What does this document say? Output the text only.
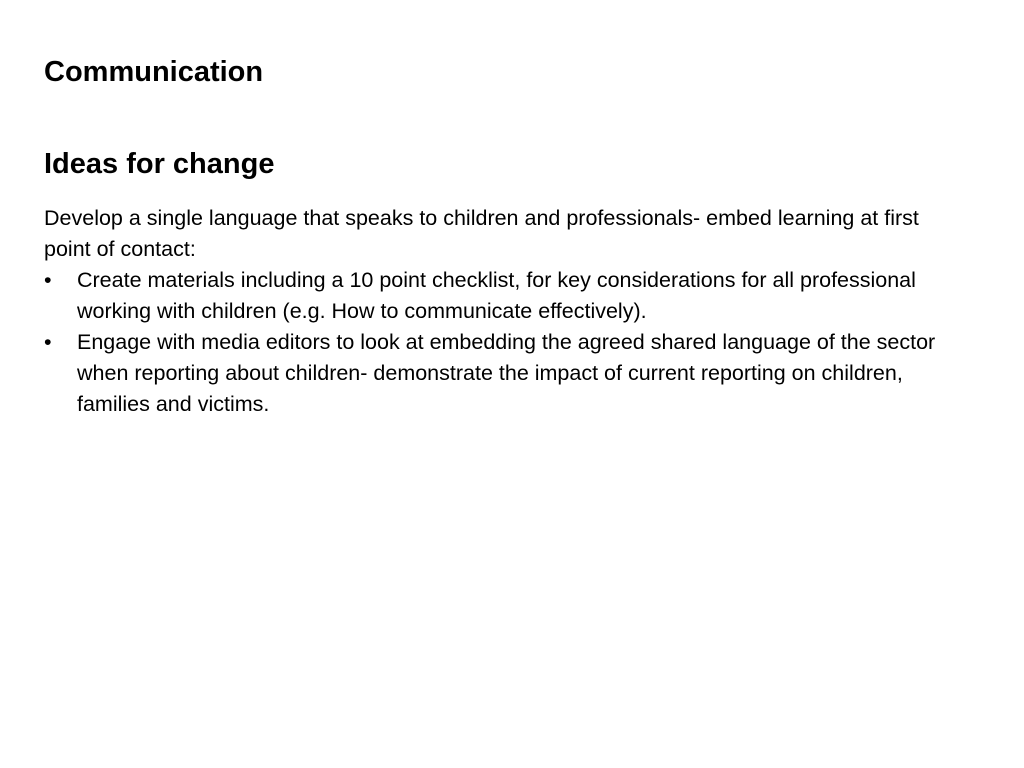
Communication
Ideas for change

Develop a single language that speaks to children and professionals- embed learning at first point of contact:

• Create materials including a 10 point checklist, for key considerations for all professional working with children (e.g. How to communicate effectively).
• Engage with media editors to look at embedding the agreed shared language of the sector when reporting about children- demonstrate the impact of current reporting on children, families and victims.
